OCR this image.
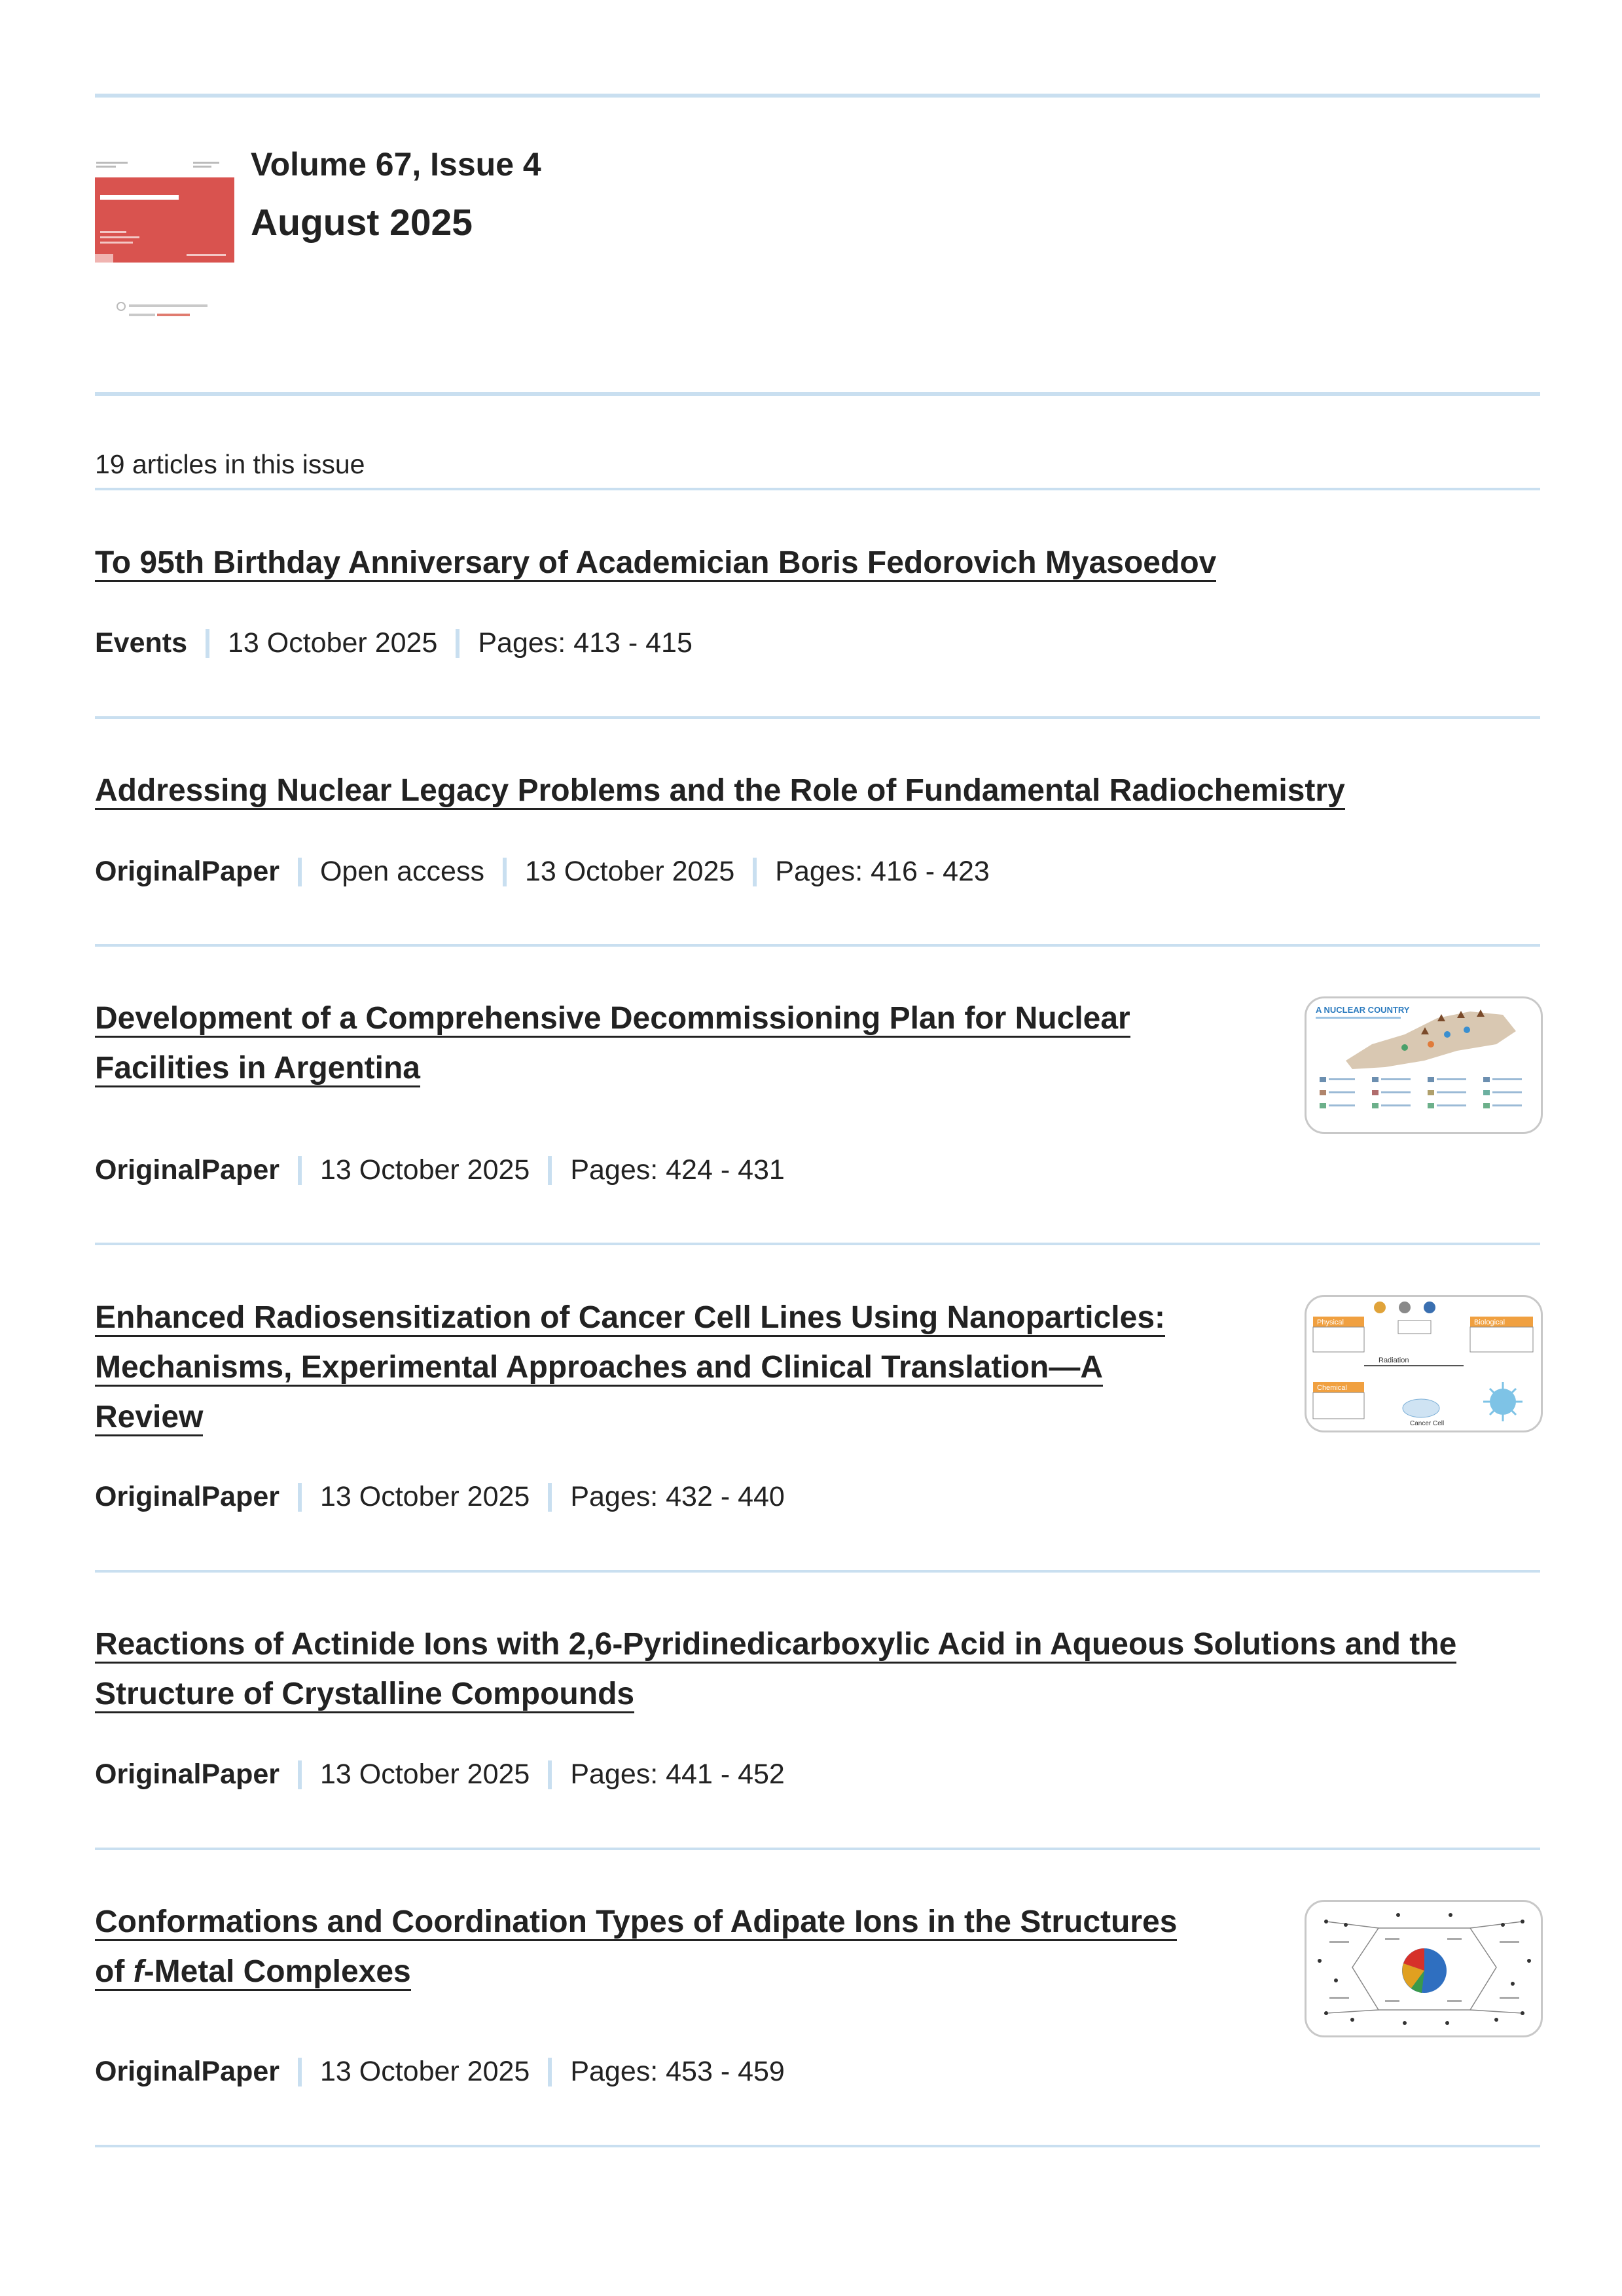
Volume 67, Issue 4
August 2025
19 articles in this issue
To 95th Birthday Anniversary of Academician Boris Fedorovich Myasoedov
Events 13 October 2025 Pages: 413 - 415
Addressing Nuclear Legacy Problems and the Role of Fundamental Radiochemistry
OriginalPaper Open access 13 October 2025 Pages: 416 - 423
Development of a Comprehensive Decommissioning Plan for Nuclear
Facilities in Argentina
A NUCLEAR COUNTRY
OriginalPaper 13 October 2025 Pages: 424 - 431
Enhanced Radiosensitization of Cancer Cell Lines Using Nanoparticles:
Mechanisms, Experimental Approaches and Clinical Translation—A
Review
Physical	Biological
Chemical
Radiation
Cancer Cell
OriginalPaper 13 October 2025 Pages: 432 - 440
Reactions of Actinide Ions with 2,6-Pyridinedicarboxylic Acid in Aqueous Solutions and the
Structure of Crystalline Compounds
OriginalPaper 13 October 2025 Pages: 441 - 452
Conformations and Coordination Types of Adipate Ions in the Structures
of f-Metal Complexes
OriginalPaper 13 October 2025 Pages: 453 - 459
